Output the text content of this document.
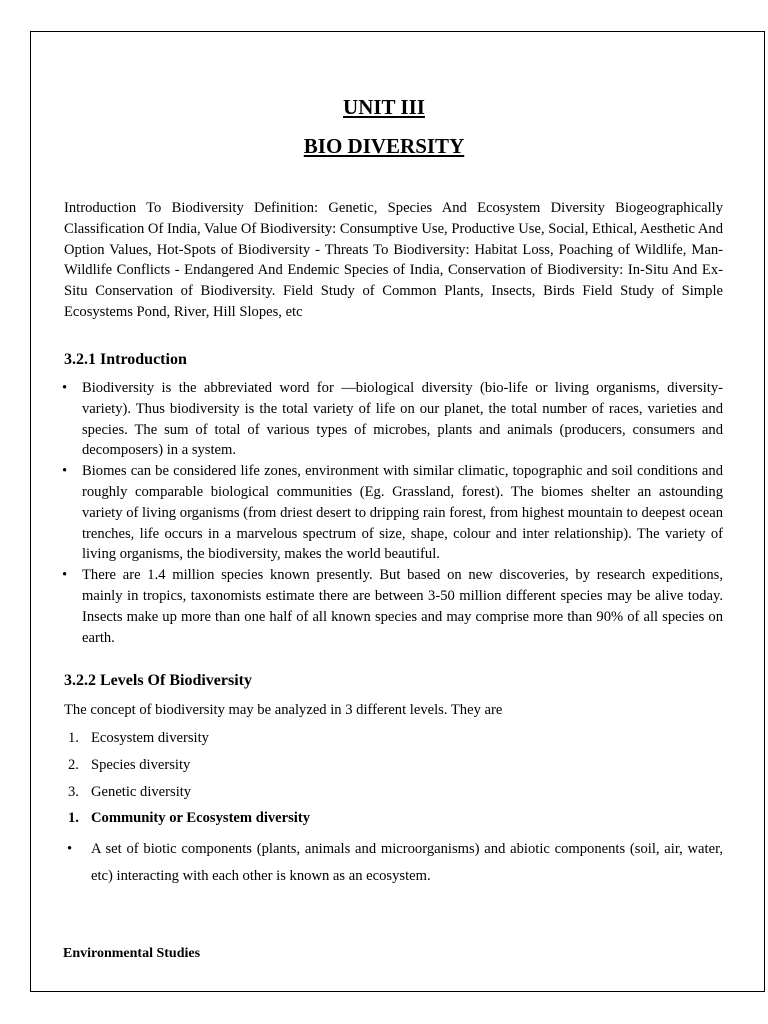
UNIT III
BIO DIVERSITY

Introduction To Biodiversity Definition: Genetic, Species And Ecosystem Diversity Biogeographically Classification Of India, Value Of Biodiversity: Consumptive Use, Productive Use, Social, Ethical, Aesthetic And Option Values, Hot-Spots of Biodiversity - Threats To Biodiversity: Habitat Loss, Poaching of Wildlife, Man-Wildlife Conflicts - Endangered And Endemic Species of India, Conservation of Biodiversity: In-Situ And Ex-Situ Conservation of Biodiversity. Field Study of Common Plants, Insects, Birds Field Study of Simple Ecosystems Pond, River, Hill Slopes, etc

3.2.1 Introduction
• Biodiversity is the abbreviated word for —biological diversity (bio-life or living organisms, diversity-variety). Thus biodiversity is the total variety of life on our planet, the total number of races, varieties and species. The sum of total of various types of microbes, plants and animals (producers, consumers and decomposers) in a system.
• Biomes can be considered life zones, environment with similar climatic, topographic and soil conditions and roughly comparable biological communities (Eg. Grassland, forest). The biomes shelter an astounding variety of living organisms (from driest desert to dripping rain forest, from highest mountain to deepest ocean trenches, life occurs in a marvelous spectrum of size, shape, colour and inter relationship). The variety of living organisms, the biodiversity, makes the world beautiful.
• There are 1.4 million species known presently. But based on new discoveries, by research expeditions, mainly in tropics, taxonomists estimate there are between 3-50 million different species may be alive today. Insects make up more than one half of all known species and may comprise more than 90% of all species on earth.
3.2.2 Levels Of Biodiversity

The concept of biodiversity may be analyzed in 3 different levels. They are

1. Ecosystem diversity
2. Species diversity
3. Genetic diversity

1. Community or Ecosystem diversity

• A set of biotic components (plants, animals and microorganisms) and abiotic components (soil, air, water, etc) interacting with each other is known as an ecosystem.

Environmental Studies
